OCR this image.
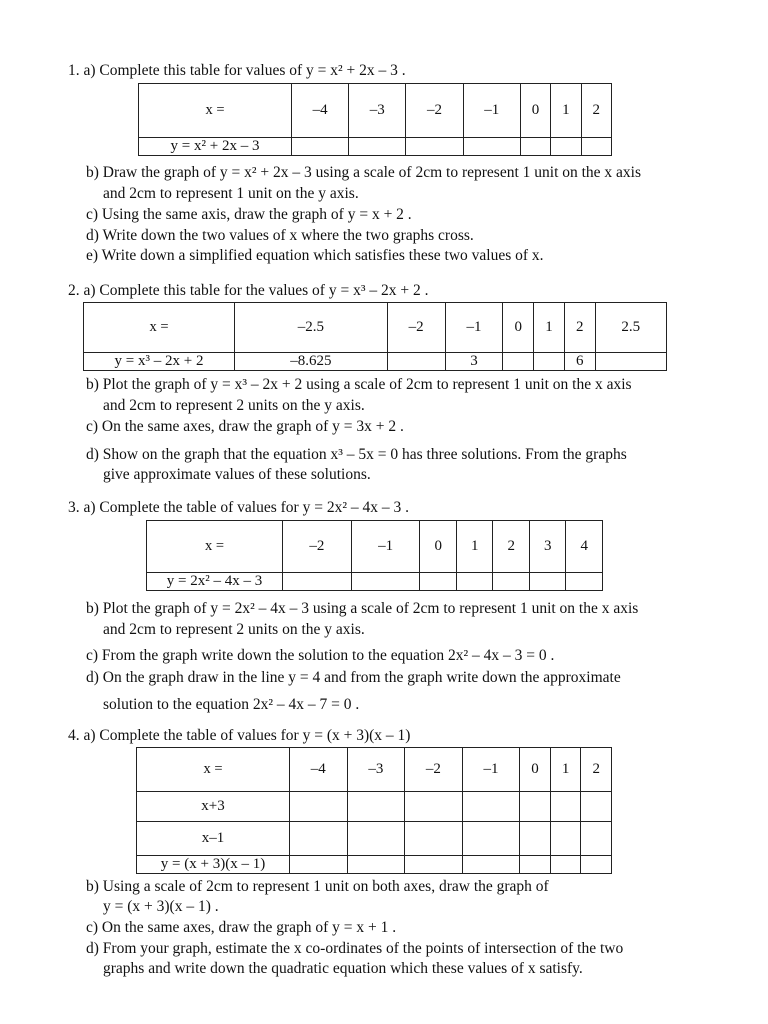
1. a) Complete this table for values of y = x² + 2x – 3 .
x =	–4	–3	–2	–1	0	1	2
y = x² + 2x – 3							
b) Draw the graph of y = x² + 2x – 3 using a scale of 2cm to represent 1 unit on the x axis
and 2cm to represent 1 unit on the y axis.
c) Using the same axis, draw the graph of y = x + 2 .
d) Write down the two values of x where the two graphs cross.
e) Write down a simplified equation which satisfies these two values of x.
2. a) Complete this table for the values of y = x³ – 2x + 2 .
x =	–2.5	–2	–1	0	1	2	2.5
y = x³ – 2x + 2	–8.625		3			6	
b) Plot the graph of y = x³ – 2x + 2 using a scale of 2cm to represent 1 unit on the x axis
and 2cm to represent 2 units on the y axis.
c) On the same axes, draw the graph of y = 3x + 2 .
d) Show on the graph that the equation x³ – 5x = 0 has three solutions. From the graphs
give approximate values of these solutions.
3. a) Complete the table of values for y = 2x² – 4x – 3 .
x =	–2	–1	0	1	2	3	4
y = 2x² – 4x – 3							
b) Plot the graph of y = 2x² – 4x – 3 using a scale of 2cm to represent 1 unit on the x axis
and 2cm to represent 2 units on the y axis.
c) From the graph write down the solution to the equation 2x² – 4x – 3 = 0 .
d) On the graph draw in the line y = 4 and from the graph write down the approximate
solution to the equation 2x² – 4x – 7 = 0 .
4. a) Complete the table of values for y = (x + 3)(x – 1)
x =	–4	–3	–2	–1	0	1	2
x+3							
x–1							
y = (x + 3)(x – 1)							
b) Using a scale of 2cm to represent 1 unit on both axes, draw the graph of
y = (x + 3)(x – 1) .
c) On the same axes, draw the graph of y = x + 1 .
d) From your graph, estimate the x co-ordinates of the points of intersection of the two
graphs and write down the quadratic equation which these values of x satisfy.
